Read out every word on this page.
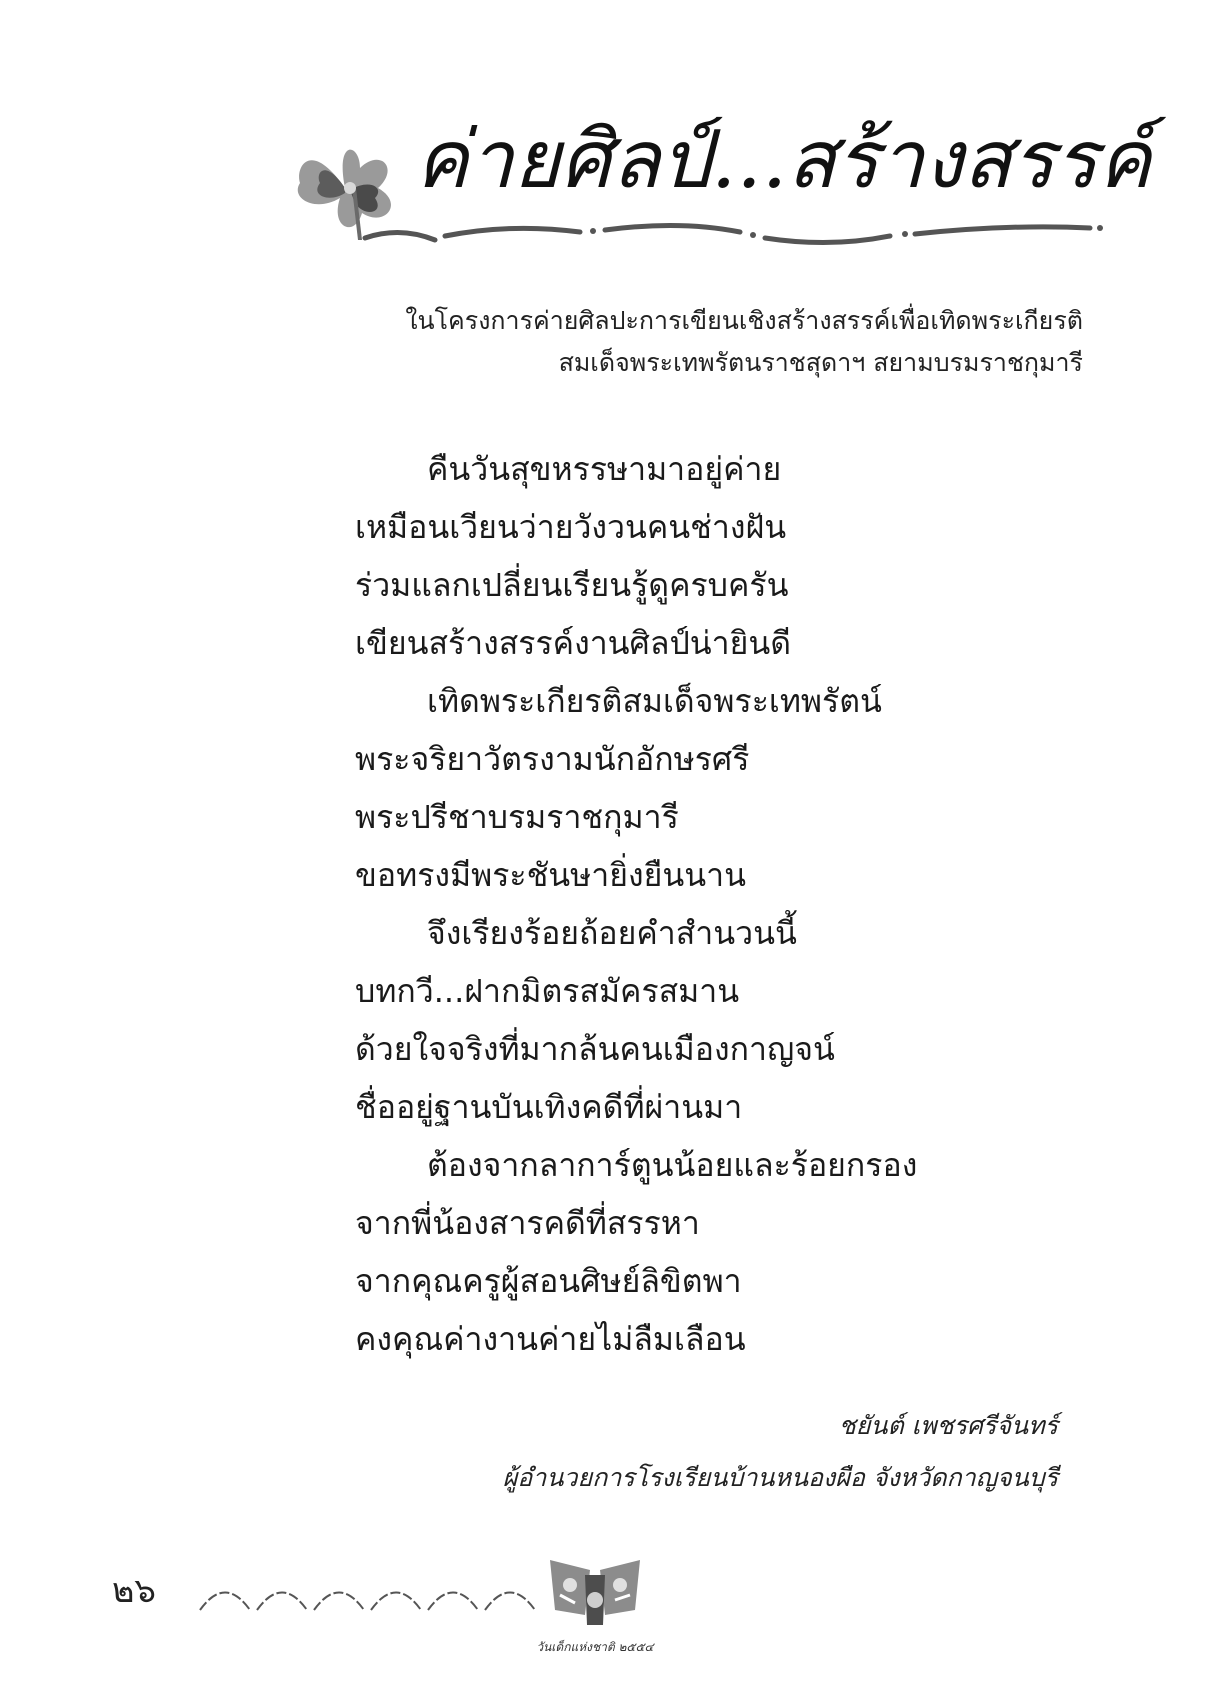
ค่ายศิลป์...สร้างสรรค์
ในโครงการค่ายศิลปะการเขียนเชิงสร้างสรรค์เพื่อเทิดพระเกียรติ
สมเด็จพระเทพรัตนราชสุดาฯ สยามบรมราชกุมารี
คืนวันสุขหรรษามาอยู่ค่าย
เหมือนเวียนว่ายวังวนคนช่างฝัน
ร่วมแลกเปลี่ยนเรียนรู้ดูครบครัน
เขียนสร้างสรรค์งานศิลป์น่ายินดี
เทิดพระเกียรติสมเด็จพระเทพรัตน์
พระจริยาวัตรงามนักอักษรศรี
พระปรีชาบรมราชกุมารี
ขอทรงมีพระชันษายิ่งยืนนาน
จึงเรียงร้อยถ้อยคำสำนวนนี้
บทกวี...ฝากมิตรสมัครสมาน
ด้วยใจจริงที่มากล้นคนเมืองกาญจน์
ชื่ออยู่ฐานบันเทิงคดีที่ผ่านมา
ต้องจากลาการ์ตูนน้อยและร้อยกรอง
จากพี่น้องสารคดีที่สรรหา
จากคุณครูผู้สอนศิษย์ลิขิตพา
คงคุณค่างานค่ายไม่ลืมเลือน
ชยันต์ เพชรศรีจันทร์
ผู้อำนวยการโรงเรียนบ้านหนองผือ จังหวัดกาญจนบุรี
๒๖
วันเด็กแห่งชาติ ๒๕๕๔
